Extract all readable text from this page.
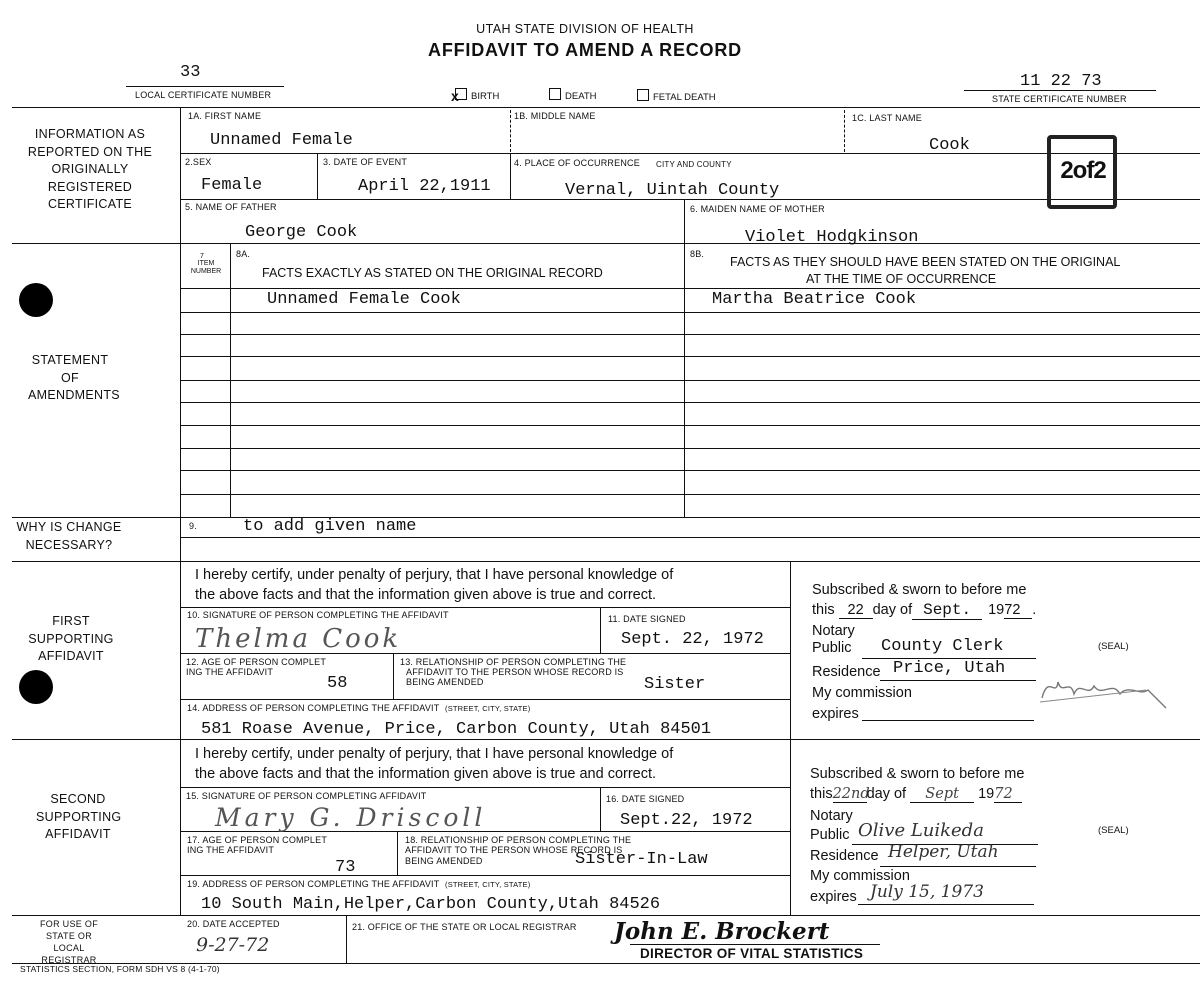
UTAH STATE DIVISION OF HEALTH
AFFIDAVIT TO AMEND A RECORD
33
LOCAL CERTIFICATE NUMBER	BIRTH
x	DEATH	FETAL DEATH
11 22 73
STATE CERTIFICATE NUMBER
INFORMATION AS REPORTED ON THE ORIGINALLY REGISTERED CERTIFICATE
STATEMENT OF AMENDMENTS
WHY IS CHANGE NECESSARY?
FIRST SUPPORTING AFFIDAVIT
SECOND SUPPORTING AFFIDAVIT
FOR USE OF STATE OR LOCAL REGISTRAR
1A. FIRST NAME
Unnamed Female
1B. MIDDLE NAME	1C. LAST NAME
Cook
2of2
2.SEX
Female
3. DATE OF EVENT
April 22,1911
4. PLACE OF OCCURRENCE CITY AND COUNTY
Vernal, Uintah County
5. NAME OF FATHER
George Cook
6. MAIDEN NAME OF MOTHER
Violet Hodgkinson
7
ITEM NUMBER
8A.
FACTS EXACTLY AS STATED ON THE ORIGINAL RECORD
8B.
FACTS AS THEY SHOULD HAVE BEEN STATED ON THE ORIGINAL
AT THE TIME OF OCCURRENCE
Unnamed Female Cook	Martha Beatrice Cook
9.	to add given name
I hereby certify, under penalty of perjury, that I have personal knowledge of
the above facts and that the information given above is true and correct.
10. SIGNATURE OF PERSON COMPLETING THE AFFIDAVIT
Thelma Cook
11. DATE SIGNED
Sept. 22, 1972
12. AGE OF PERSON COMPLET
ING THE AFFIDAVIT
58
13. RELATIONSHIP OF PERSON COMPLETING THE
AFFIDAVIT TO THE PERSON WHOSE RECORD IS
BEING AMENDED	Sister
14. ADDRESS OF PERSON COMPLETING THE AFFIDAVIT (STREET, CITY, STATE)
581 Roase Avenue, Price, Carbon County, Utah 84501
Subscribed & sworn to before me
this 22 day of Sept. 1972 .
Notary
Public County Clerk
Residence Price, Utah
My commission
expires
(SEAL)
I hereby certify, under penalty of perjury, that I have personal knowledge of
the above facts and that the information given above is true and correct.
15. SIGNATURE OF PERSON COMPLETING AFFIDAVIT
Mary G. Driscoll
16. DATE SIGNED
Sept.22, 1972
17. AGE OF PERSON COMPLET
ING THE AFFIDAVIT
73
18. RELATIONSHIP OF PERSON COMPLETING THE
AFFIDAVIT TO THE PERSON WHOSE RECORD IS
BEING AMENDED	Sister-In-Law
19. ADDRESS OF PERSON COMPLETING THE AFFIDAVIT (STREET, CITY, STATE)
10 South Main,Helper,Carbon County,Utah 84526
Subscribed & sworn to before me
this22ndday of Sept 1972
Notary
Public Olive Luikeda
Residence Helper, Utah
My commission
expires July 15, 1973
(SEAL)
20. DATE ACCEPTED
9-27-72
21. OFFICE OF THE STATE OR LOCAL REGISTRAR John E. Brockert
DIRECTOR OF VITAL STATISTICS
STATISTICS SECTION, FORM SDH VS 8 (4-1-70)
